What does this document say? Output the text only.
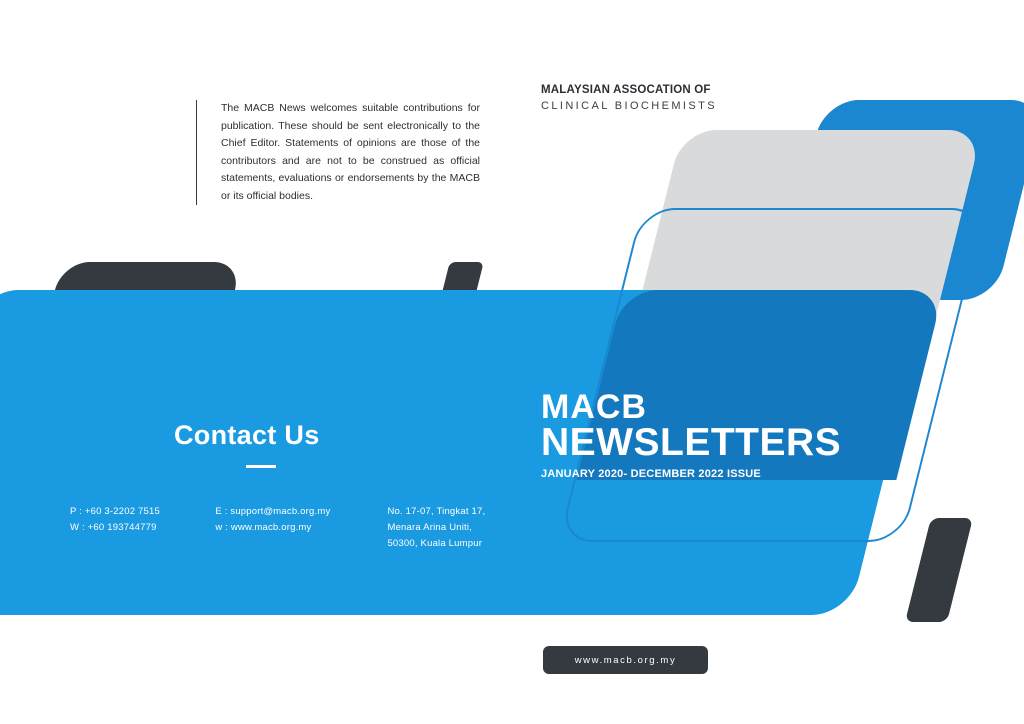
The MACB News welcomes suitable contributions for publication. These should be sent electronically to the Chief Editor. Statements of opinions are those of the contributors and are not to be construed as official statements, evaluations or endorsements by the MACB or its official bodies.

MALAYSIAN ASSOCATION OF
CLINICAL BIOCHEMISTS
Contact Us
P : +60 3-2202 7515
W : +60 193744779
E : support@macb.org.my
w : www.macb.org.my
No. 17-07, Tingkat 17,
Menara Arina Uniti,
50300, Kuala Lumpur
MACB
NEWSLETTERS
JANUARY 2020- DECEMBER 2022 ISSUE
www.macb.org.my
